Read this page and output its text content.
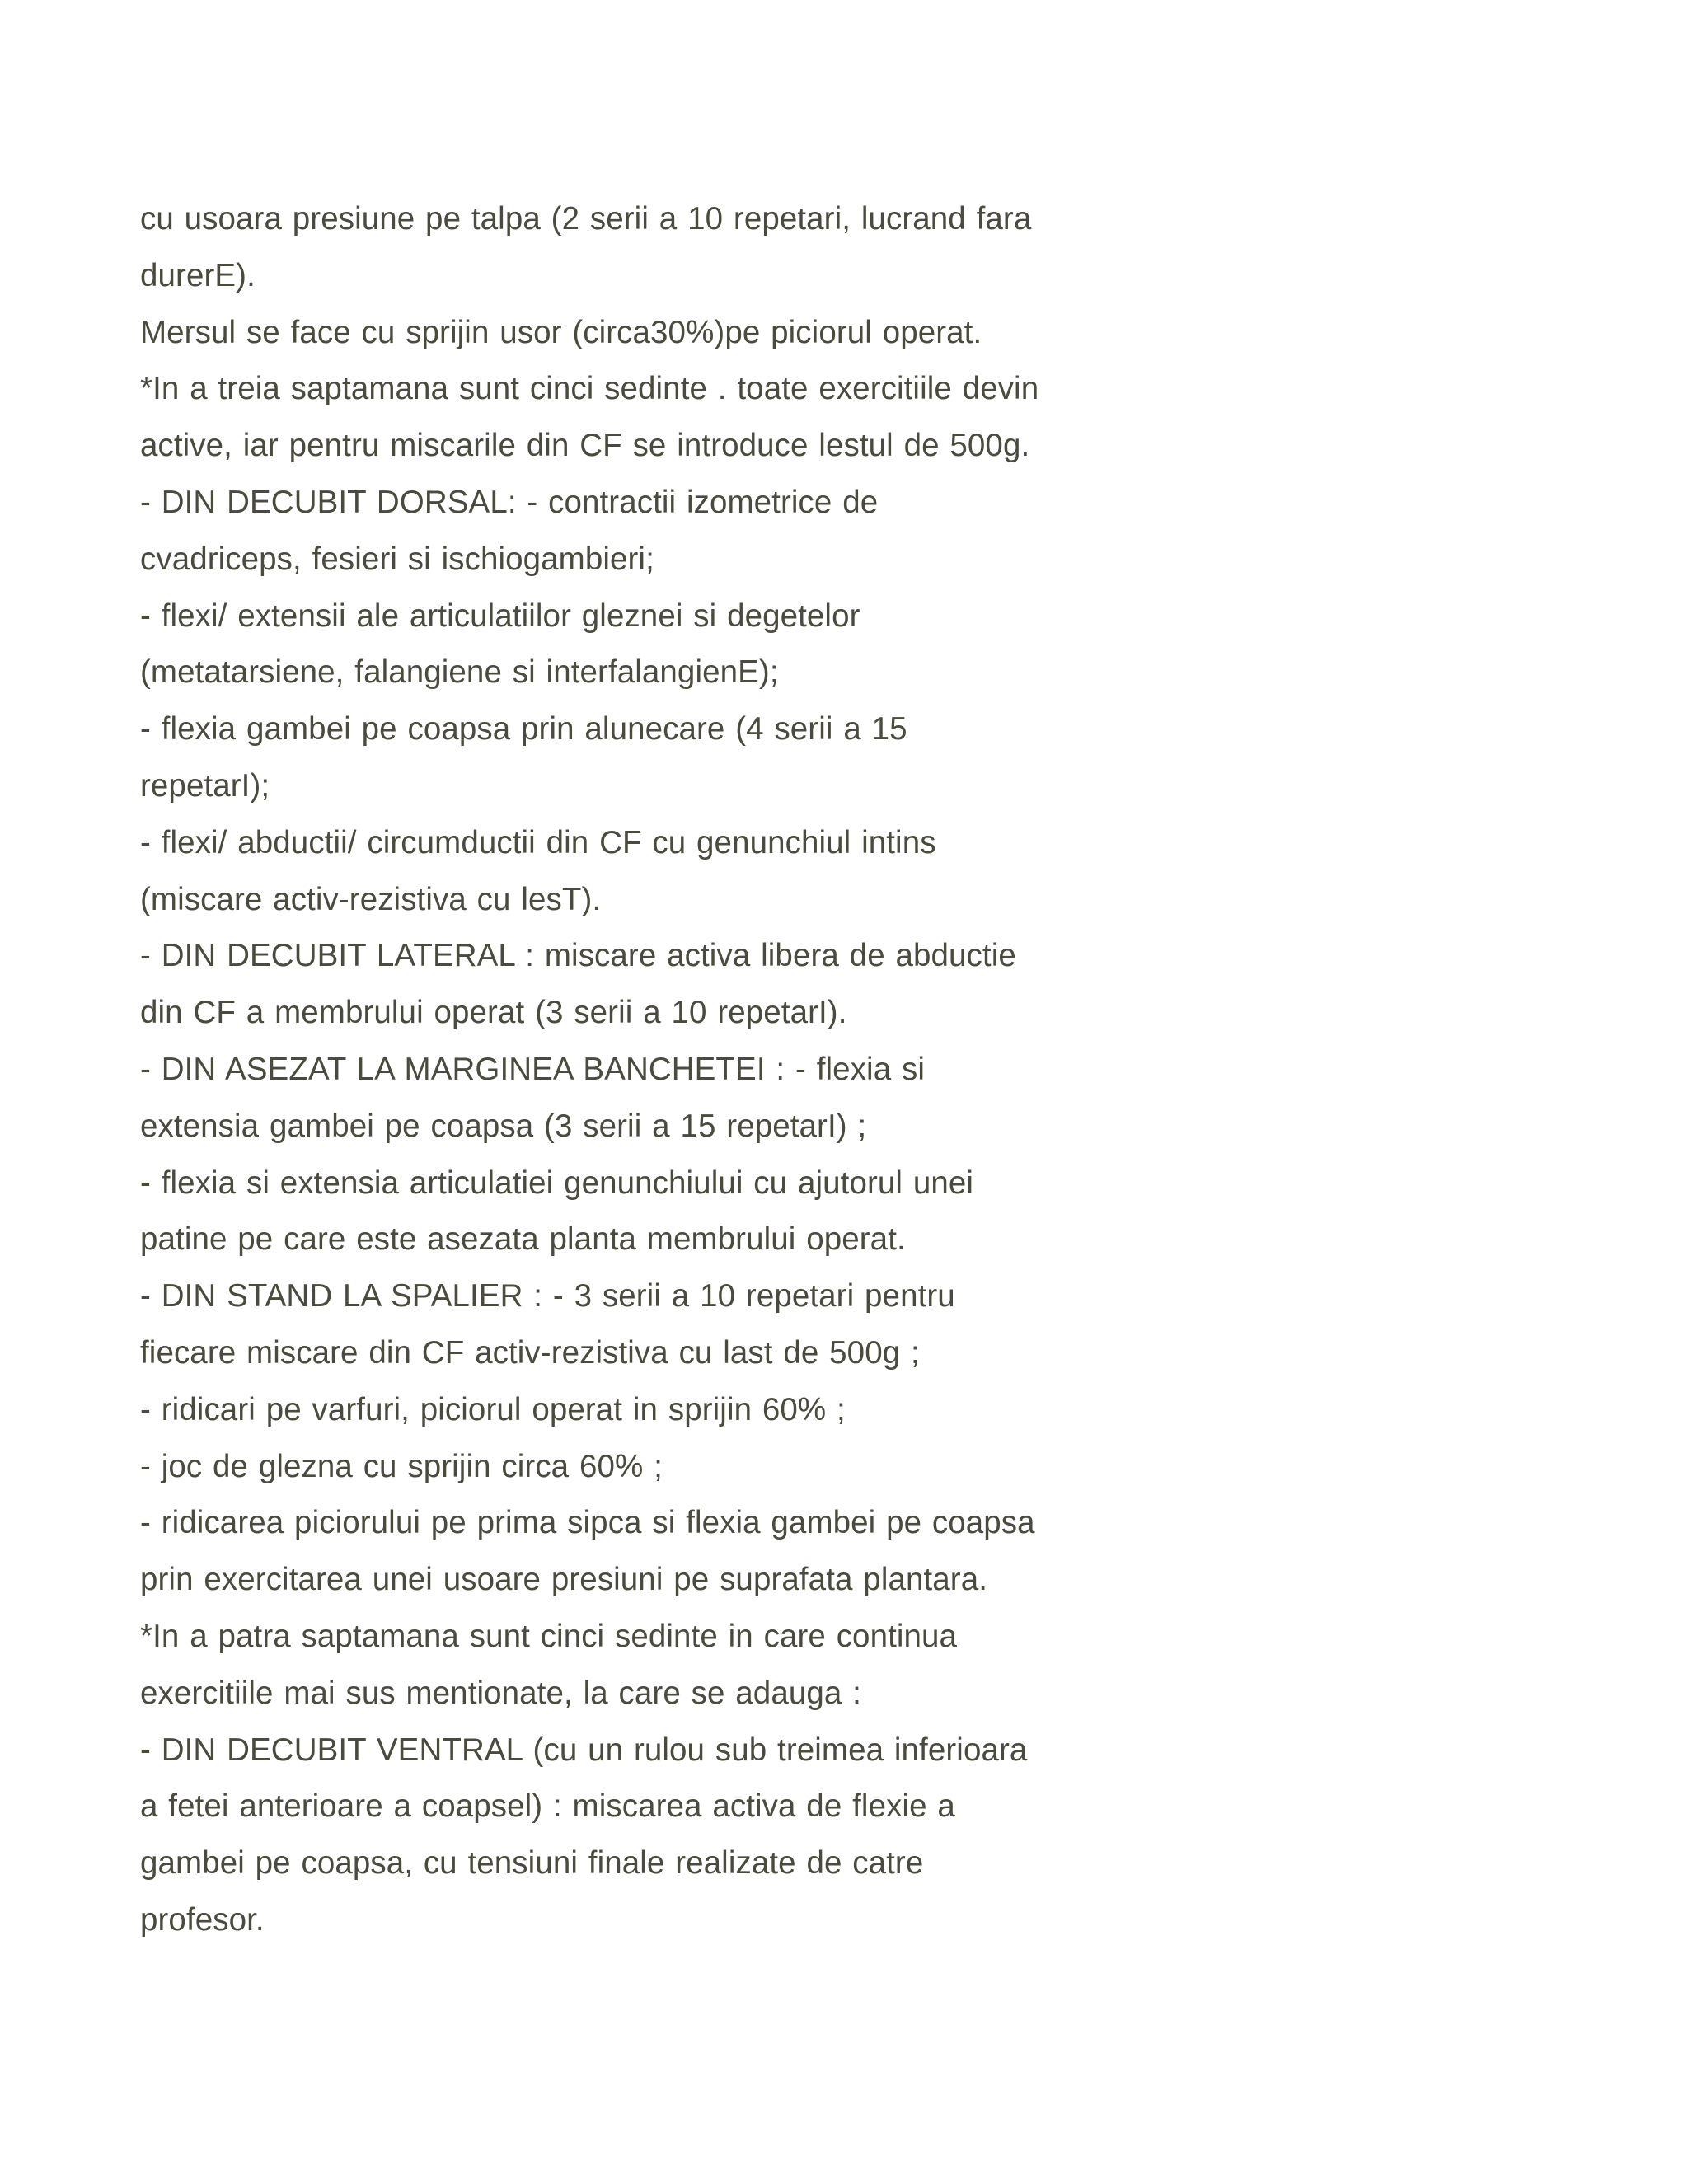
cu usoara presiune pe talpa (2 serii a 10 repetari, lucrand fara
durerE).
Mersul se face cu sprijin usor (circa30%)pe piciorul operat.
*In a treia saptamana sunt cinci sedinte . toate exercitiile devin
active, iar pentru miscarile din CF se introduce lestul de 500g.
- DIN DECUBIT DORSAL: - contractii izometrice de
cvadriceps, fesieri si ischiogambieri;
- flexi/ extensii ale articulatiilor gleznei si degetelor
(metatarsiene, falangiene si interfalangienE);
- flexia gambei pe coapsa prin alunecare (4 serii a 15
repetarI);
- flexi/ abductii/ circumductii din CF cu genunchiul intins
(miscare activ-rezistiva cu lesT).
- DIN DECUBIT LATERAL : miscare activa libera de abductie
din CF a membrului operat (3 serii a 10 repetarI).
- DIN ASEZAT LA MARGINEA BANCHETEI : - flexia si
extensia gambei pe coapsa (3 serii a 15 repetarI) ;
- flexia si extensia articulatiei genunchiului cu ajutorul unei
patine pe care este asezata planta membrului operat.
- DIN STAND LA SPALIER : - 3 serii a 10 repetari pentru
fiecare miscare din CF activ-rezistiva cu last de 500g ;
- ridicari pe varfuri, piciorul operat in sprijin 60% ;
- joc de glezna cu sprijin circa 60% ;
- ridicarea piciorului pe prima sipca si flexia gambei pe coapsa
prin exercitarea unei usoare presiuni pe suprafata plantara.
*In a patra saptamana sunt cinci sedinte in care continua
exercitiile mai sus mentionate, la care se adauga :
- DIN DECUBIT VENTRAL (cu un rulou sub treimea inferioara
a fetei anterioare a coapsel) : miscarea activa de flexie a
gambei pe coapsa, cu tensiuni finale realizate de catre
profesor.
